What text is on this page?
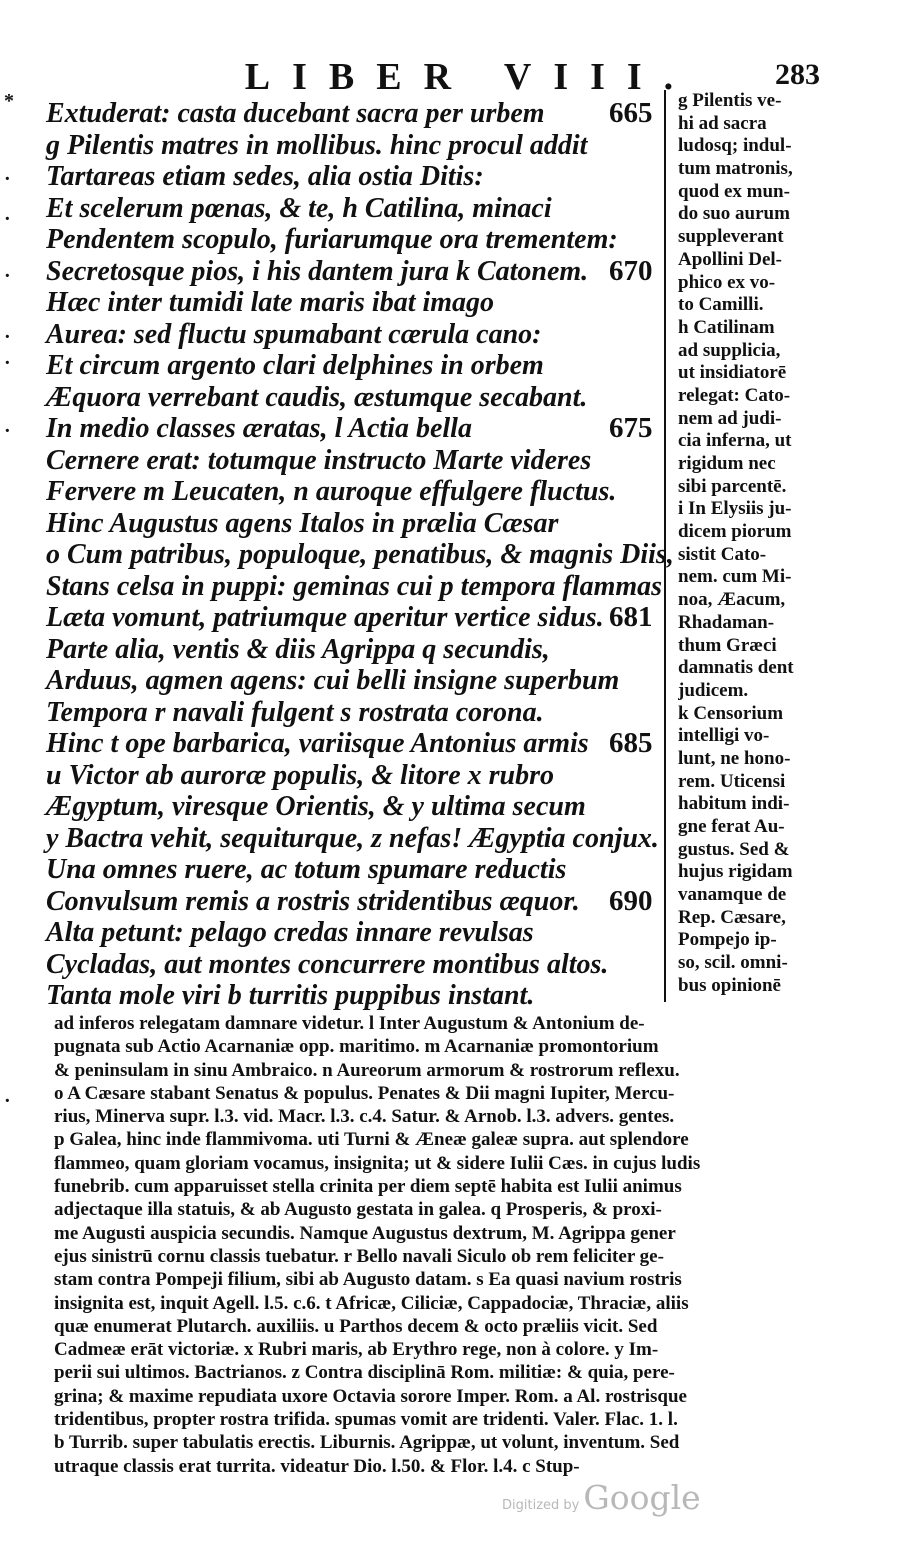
LIBER VIII.	283
*
·
·
·
·
·
·
·
Extuderat: casta ducebant sacra per urbem 665
g Pilentis matres in mollibus. hinc procul addit
Tartareas etiam sedes, alia ostia Ditis:
Et scelerum pœnas, & te, h Catilina, minaci
Pendentem scopulo, furiarumque ora trementem:
Secretosque pios, i his dantem jura k Catonem. 670
Hæc inter tumidi late maris ibat imago
Aurea: sed fluctu spumabant cærula cano:
Et circum argento clari delphines in orbem
Æquora verrebant caudis, æstumque secabant.
In medio classes æratas, l Actia bella	675
Cernere erat: totumque instructo Marte videres
Fervere m Leucaten, n auroque effulgere fluctus.
Hinc Augustus agens Italos in prælia Cæsar
o Cum patribus, populoque, penatibus, & magnis Diis,
Stans celsa in puppi: geminas cui p tempora flammas
Læta vomunt, patriumque aperitur vertice sidus. 681
Parte alia, ventis & diis Agrippa q secundis,
Arduus, agmen agens: cui belli insigne superbum
Tempora r navali fulgent s rostrata corona.
Hinc t ope barbarica, variisque Antonius armis 685
u Victor ab auroræ populis, & litore x rubro
Ægyptum, viresque Orientis, & y ultima secum
y Bactra vehit, sequiturque, z nefas! Ægyptia conjux.
Una omnes ruere, ac totum spumare reductis
Convulsum remis a rostris stridentibus æquor. 690
Alta petunt: pelago credas innare revulsas
Cycladas, aut montes concurrere montibus altos.
Tanta mole viri b turritis puppibus instant.
g Pilentis ve-
hi ad sacra
ludosq; indul-
tum matronis,
quod ex mun-
do suo aurum
suppleverant
Apollini Del-
phico ex vo-
to Camilli.
h Catilinam
ad supplicia,
ut insidiatorē
relegat: Cato-
nem ad judi-
cia inferna, ut
rigidum nec
sibi parcentē.
i In Elysiis ju-
dicem piorum
sistit Cato-
nem. cum Mi-
noa, Æacum,
Rhadaman-
thum Græci
damnatis dent
judicem.
k Censorium
intelligi vo-
lunt, ne hono-
rem. Uticensi
habitum indi-
gne ferat Au-
gustus. Sed &
hujus rigidam
vanamque de
Rep. Cæsare,
Pompejo ip-
so, scil. omni-
bus opinionē
ad inferos relegatam damnare videtur. l Inter Augustum & Antonium de-
pugnata sub Actio Acarnaniæ opp. maritimo. m Acarnaniæ promontorium
& peninsulam in sinu Ambraico. n Aureorum armorum & rostrorum reflexu.
o A Cæsare stabant Senatus & populus. Penates & Dii magni Iupiter, Mercu-
rius, Minerva supr. l.3. vid. Macr. l.3. c.4. Satur. & Arnob. l.3. advers. gentes.
p Galea, hinc inde flammivoma. uti Turni & Æneæ galeæ supra. aut splendore
flammeo, quam gloriam vocamus, insignita; ut & sidere Iulii Cæs. in cujus ludis
funebrib. cum apparuisset stella crinita per diem septē habita est Iulii animus
adjectaque illa statuis, & ab Augusto gestata in galea. q Prosperis, & proxi-
me Augusti auspicia secundis. Namque Augustus dextrum, M. Agrippa gener
ejus sinistrū cornu classis tuebatur. r Bello navali Siculo ob rem feliciter ge-
stam contra Pompeji filium, sibi ab Augusto datam. s Ea quasi navium rostris
insignita est, inquit Agell. l.5. c.6. t Africæ, Ciliciæ, Cappadociæ, Thraciæ, aliis
quæ enumerat Plutarch. auxiliis. u Parthos decem & octo præliis vicit. Sed
Cadmeæ erāt victoriæ. x Rubri maris, ab Erythro rege, non à colore. y Im-
perii sui ultimos. Bactrianos. z Contra disciplinā Rom. militiæ: & quia, pere-
grina; & maxime repudiata uxore Octavia sorore Imper. Rom. a Al. rostrisque
tridentibus, propter rostra trifida. spumas vomit are tridenti. Valer. Flac. 1. l.
b Turrib. super tabulatis erectis. Liburnis. Agrippæ, ut volunt, inventum. Sed
utraque classis erat turrita. videatur Dio. l.50. & Flor. l.4. c Stup-
Digitized by Google
